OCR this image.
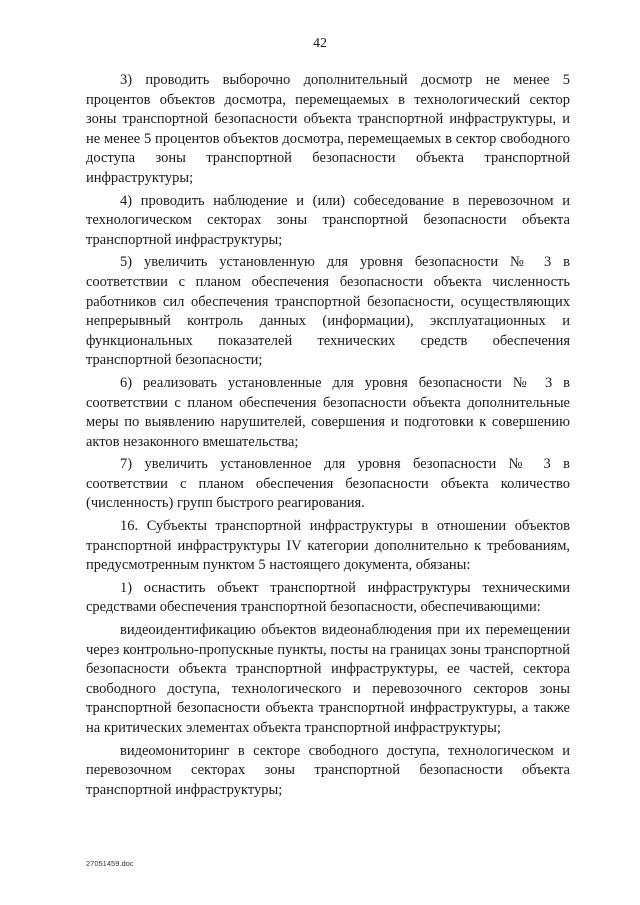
42

3) проводить выборочно дополнительный досмотр не менее 5 процентов объектов досмотра, перемещаемых в технологический сектор зоны транспортной безопасности объекта транспортной инфраструктуры, и не менее 5 процентов объектов досмотра, перемещаемых в сектор свободного доступа зоны транспортной безопасности объекта транспортной инфраструктуры;

4) проводить наблюдение и (или) собеседование в перевозочном и технологическом секторах зоны транспортной безопасности объекта транспортной инфраструктуры;

5) увеличить установленную для уровня безопасности № 3 в соответствии с планом обеспечения безопасности объекта численность работников сил обеспечения транспортной безопасности, осуществляющих непрерывный контроль данных (информации), эксплуатационных и функциональных показателей технических средств обеспечения транспортной безопасности;

6) реализовать установленные для уровня безопасности № 3 в соответствии с планом обеспечения безопасности объекта дополнительные меры по выявлению нарушителей, совершения и подготовки к совершению актов незаконного вмешательства;

7) увеличить установленное для уровня безопасности № 3 в соответствии с планом обеспечения безопасности объекта количество (численность) групп быстрого реагирования.

16. Субъекты транспортной инфраструктуры в отношении объектов транспортной инфраструктуры IV категории дополнительно к требованиям, предусмотренным пунктом 5 настоящего документа, обязаны:

1) оснастить объект транспортной инфраструктуры техническими средствами обеспечения транспортной безопасности, обеспечивающими:

видеоидентификацию объектов видеонаблюдения при их перемещении через контрольно-пропускные пункты, посты на границах зоны транспортной безопасности объекта транспортной инфраструктуры, ее частей, сектора свободного доступа, технологического и перевозочного секторов зоны транспортной безопасности объекта транспортной инфраструктуры, а также на критических элементах объекта транспортной инфраструктуры;

видеомониторинг в секторе свободного доступа, технологическом и перевозочном секторах зоны транспортной безопасности объекта транспортной инфраструктуры;

27051459.doc
